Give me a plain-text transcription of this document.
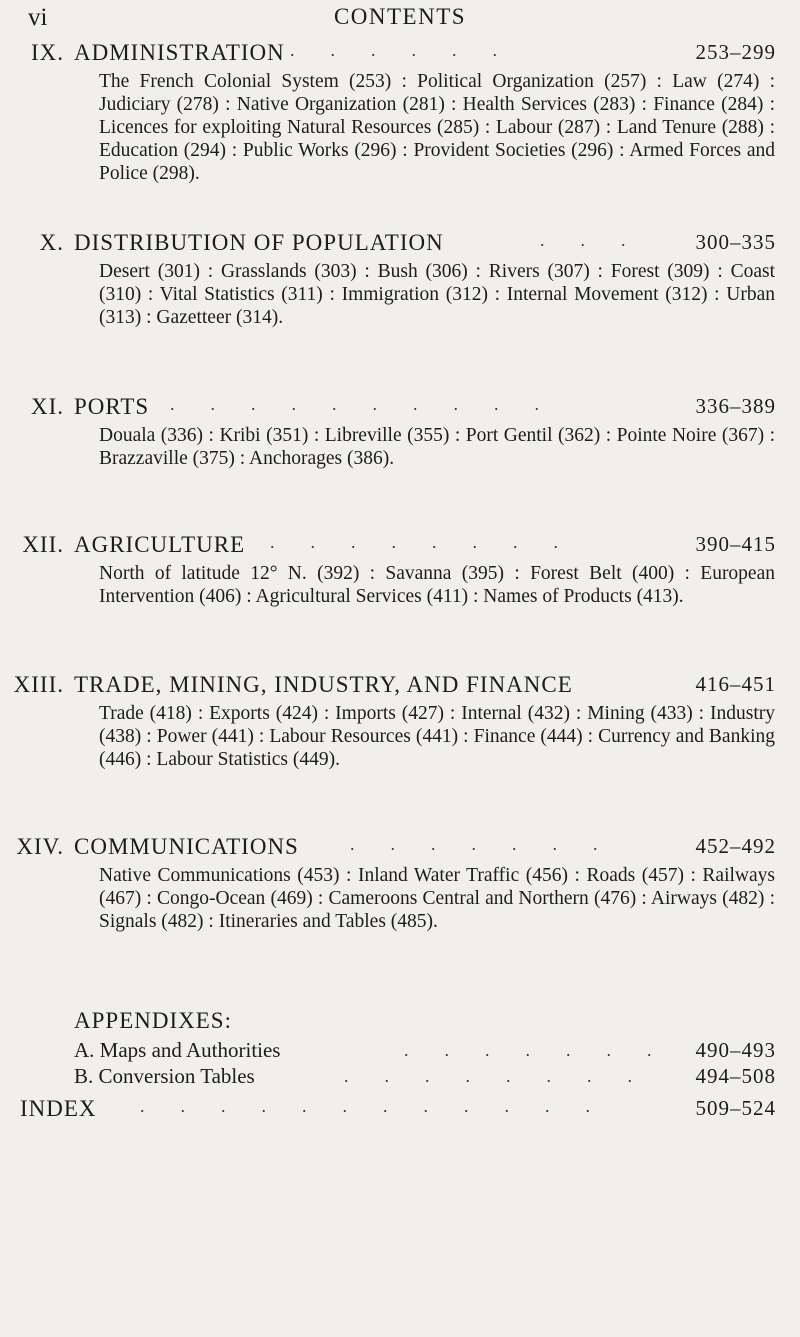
vi	CONTENTS
IX. ADMINISTRATION .  .  .  .  .  .	253–299
The French Colonial System (253) : Political Organization (257) : Law (274) : Judiciary (278) : Native Organization (281) : Health Services (283) : Finance (284) : Licences for exploiting Natural Resources (285) : Labour (287) : Land Tenure (288) : Education (294) : Public Works (296) : Provident Societies (296) : Armed Forces and Police (298).
X. DISTRIBUTION OF POPULATION	.  .  .	300–335
Desert (301) : Grasslands (303) : Bush (306) : Rivers (307) : Forest (309) : Coast (310) : Vital Statistics (311) : Immigration (312) : Internal Movement (312) : Urban (313) : Gazetteer (314).
XI. PORTS .  .  .  .  .  .  .  .  .  .	336–389
Douala (336) : Kribi (351) : Libreville (355) : Port Gentil (362) : Pointe Noire (367) : Brazzaville (375) : Anchorages (386).
XII. AGRICULTURE .  .  .  .  .  .  .  .	390–415
North of latitude 12° N. (392) : Savanna (395) : Forest Belt (400) : European Intervention (406) : Agricultural Services (411) : Names of Products (413).
XIII. TRADE, MINING, INDUSTRY, AND FINANCE	416–451
Trade (418) : Exports (424) : Imports (427) : Internal (432) : Mining (433) : Industry (438) : Power (441) : Labour Resources (441) : Finance (444) : Currency and Banking (446) : Labour Statistics (449).
XIV. COMMUNICATIONS	.  .  .  .  .  .  .	452–492
Native Communications (453) : Inland Water Traffic (456) : Roads (457) : Railways (467) : Congo-Ocean (469) : Cameroons Central and Northern (476) : Airways (482) : Signals (482) : Itineraries and Tables (485).
APPENDIXES:
A. Maps and Authorities	.  .  .  .  .  .  . 490–493
B. Conversion Tables	.  .  .  .  .  .  .  .	494–508
INDEX .  .  .  .  .  .  .  .  .  .  .  .	509–524
